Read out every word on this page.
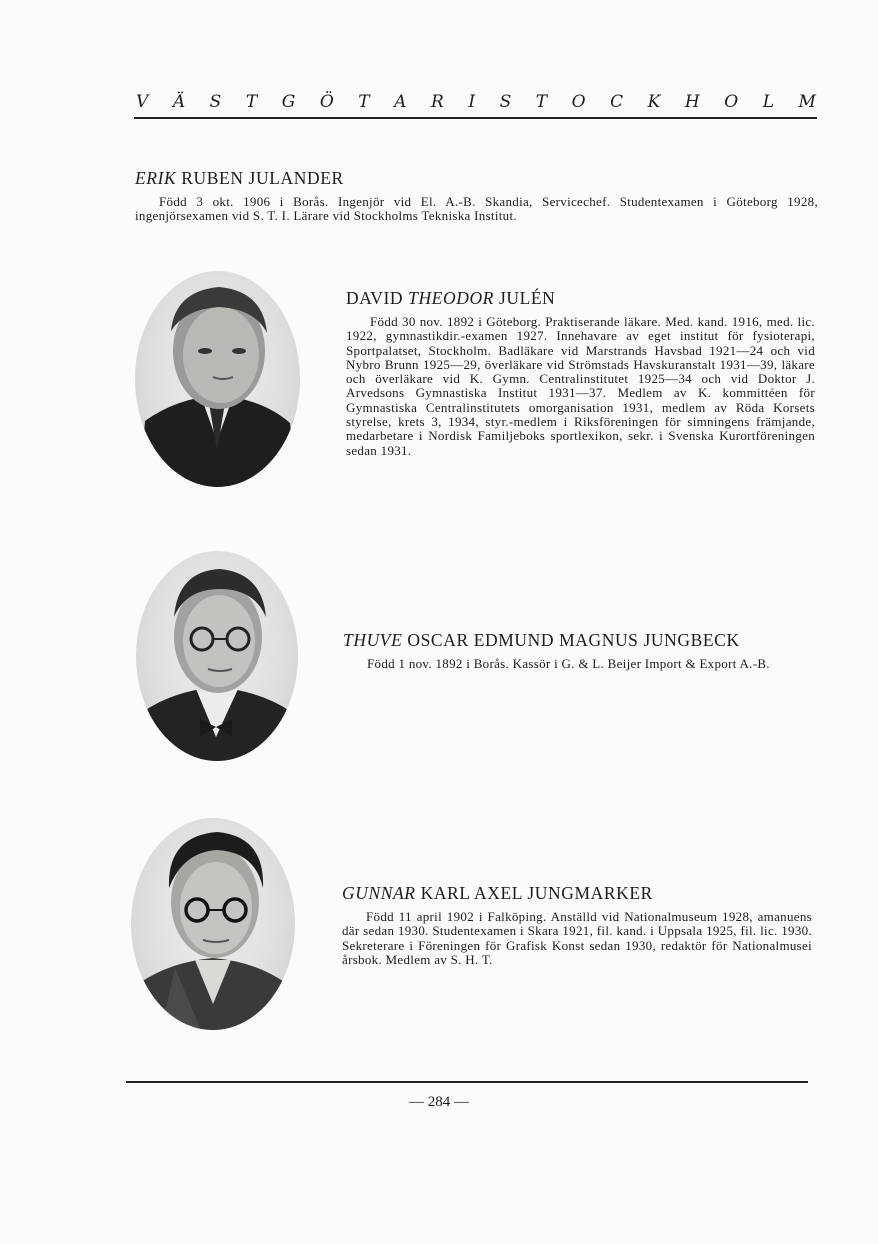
V Ä S T G Ö T A R I S T O C K H O L M

ERIK RUBEN JULANDER

Född 3 okt. 1906 i Borås. Ingenjör vid El. A.-B. Skandia, Servicechef. Studentexamen i Göteborg 1928, ingenjörsexamen vid S. T. I. Lärare vid Stockholms Tekniska Institut.

DAVID THEODOR JULÉN

Född 30 nov. 1892 i Göteborg. Praktiserande läkare. Med. kand. 1916, med. lic. 1922, gymnastikdir.-examen 1927. Innehavare av eget institut för fysioterapi, Sportpalatset, Stockholm. Badläkare vid Marstrands Havsbad 1921—24 och vid Nybro Brunn 1925—29, överläkare vid Strömstads Havskuranstalt 1931—39, läkare och överläkare vid K. Gymn. Centralinstitutet 1925—34 och vid Doktor J. Arvedsons Gymnastiska Institut 1931—37. Medlem av K. kommittéen för Gymnastiska Centralinstitutets omorganisation 1931, medlem av Röda Korsets styrelse, krets 3, 1934, styr.-medlem i Riksföreningen för simningens främjande, medarbetare i Nordisk Familjeboks sportlexikon, sekr. i Svenska Kurortföreningen sedan 1931.

THUVE OSCAR EDMUND MAGNUS JUNGBECK

Född 1 nov. 1892 i Borås. Kassör i G. & L. Beijer Import & Export A.-B.

GUNNAR KARL AXEL JUNGMARKER

Född 11 april 1902 i Falköping. Anställd vid Nationalmuseum 1928, amanuens där sedan 1930. Studentexamen i Skara 1921, fil. kand. i Uppsala 1925, fil. lic. 1930. Sekreterare i Föreningen för Grafisk Konst sedan 1930, redaktör för Nationalmusei årsbok. Medlem av S. H. T.

— 284 —
